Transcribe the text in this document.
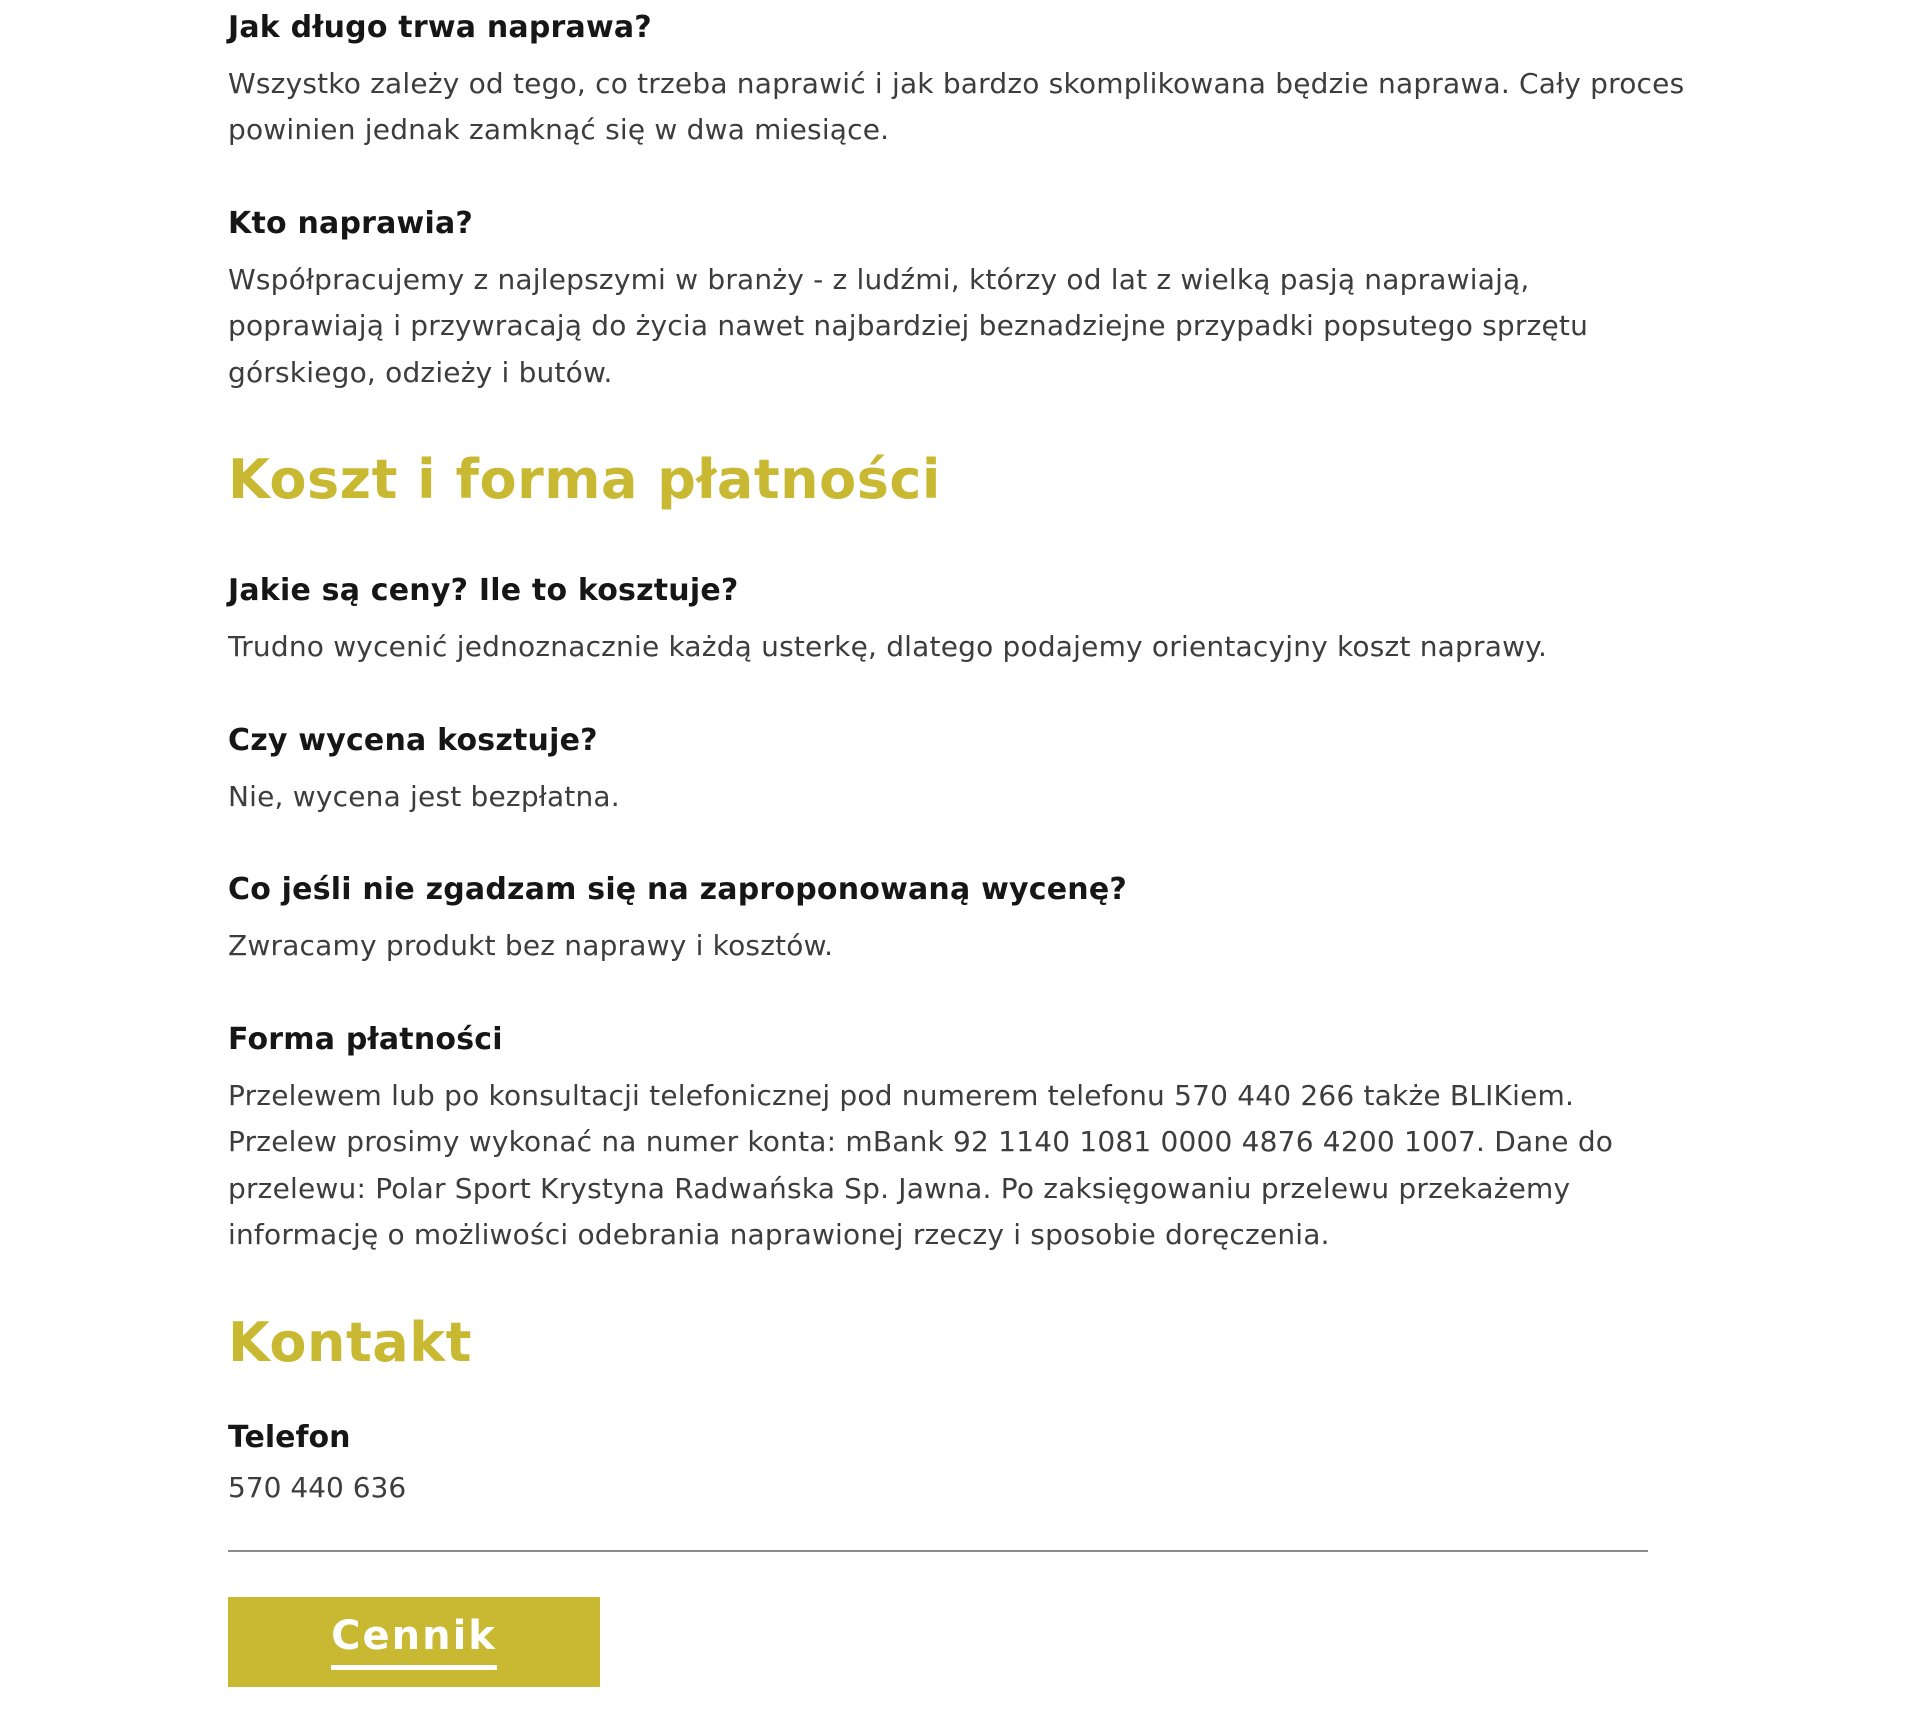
Jak długo trwa naprawa?

Wszystko zależy od tego, co trzeba naprawić i jak bardzo skomplikowana będzie naprawa. Cały proces powinien jednak zamknąć się w dwa miesiące.

Kto naprawia?

Współpracujemy z najlepszymi w branży - z ludźmi, którzy od lat z wielką pasją naprawiają, poprawiają i przywracają do życia nawet najbardziej beznadziejne przypadki popsutego sprzętu górskiego, odzieży i butów.

Koszt i forma płatności
Jakie są ceny? Ile to kosztuje?

Trudno wycenić jednoznacznie każdą usterkę, dlatego podajemy orientacyjny koszt naprawy.

Czy wycena kosztuje?

Nie, wycena jest bezpłatna.

Co jeśli nie zgadzam się na zaproponowaną wycenę?

Zwracamy produkt bez naprawy i kosztów.

Forma płatności

Przelewem lub po konsultacji telefonicznej pod numerem telefonu 570 440 266 także BLIKiem. Przelew prosimy wykonać na numer konta: mBank 92 1140 1081 0000 4876 4200 1007. Dane do przelewu: Polar Sport Krystyna Radwańska Sp. Jawna. Po zaksięgowaniu przelewu przekażemy informację o możliwości odebrania naprawionej rzeczy i sposobie doręczenia.

Kontakt
Telefon

570 440 636

Cennik
